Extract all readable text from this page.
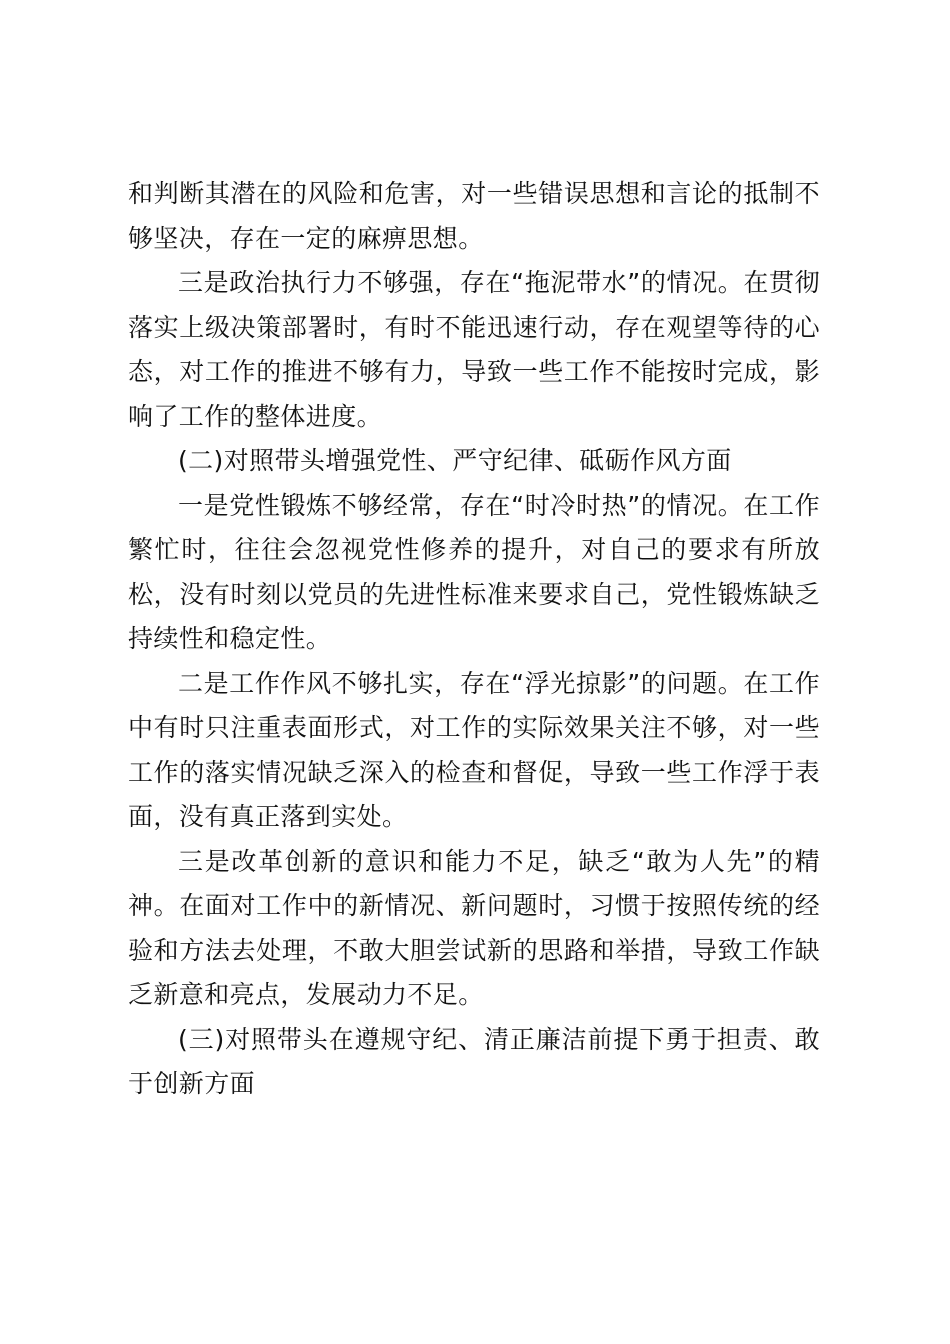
和判断其潜在的风险和危害，对一些错误思想和言论的抵制不够坚决，存在一定的麻痹思想。

三是政治执行力不够强，存在“拖泥带水”的情况。在贯彻落实上级决策部署时，有时不能迅速行动，存在观望等待的心态，对工作的推进不够有力，导致一些工作不能按时完成，影响了工作的整体进度。

(二)对照带头增强党性、严守纪律、砥砺作风方面

一是党性锻炼不够经常，存在“时冷时热”的情况。在工作繁忙时，往往会忽视党性修养的提升，对自己的要求有所放松，没有时刻以党员的先进性标准来要求自己，党性锻炼缺乏持续性和稳定性。

二是工作作风不够扎实，存在“浮光掠影”的问题。在工作中有时只注重表面形式，对工作的实际效果关注不够，对一些工作的落实情况缺乏深入的检查和督促，导致一些工作浮于表面，没有真正落到实处。

三是改革创新的意识和能力不足，缺乏“敢为人先”的精神。在面对工作中的新情况、新问题时，习惯于按照传统的经验和方法去处理，不敢大胆尝试新的思路和举措，导致工作缺乏新意和亮点，发展动力不足。

(三)对照带头在遵规守纪、清正廉洁前提下勇于担责、敢于创新方面
